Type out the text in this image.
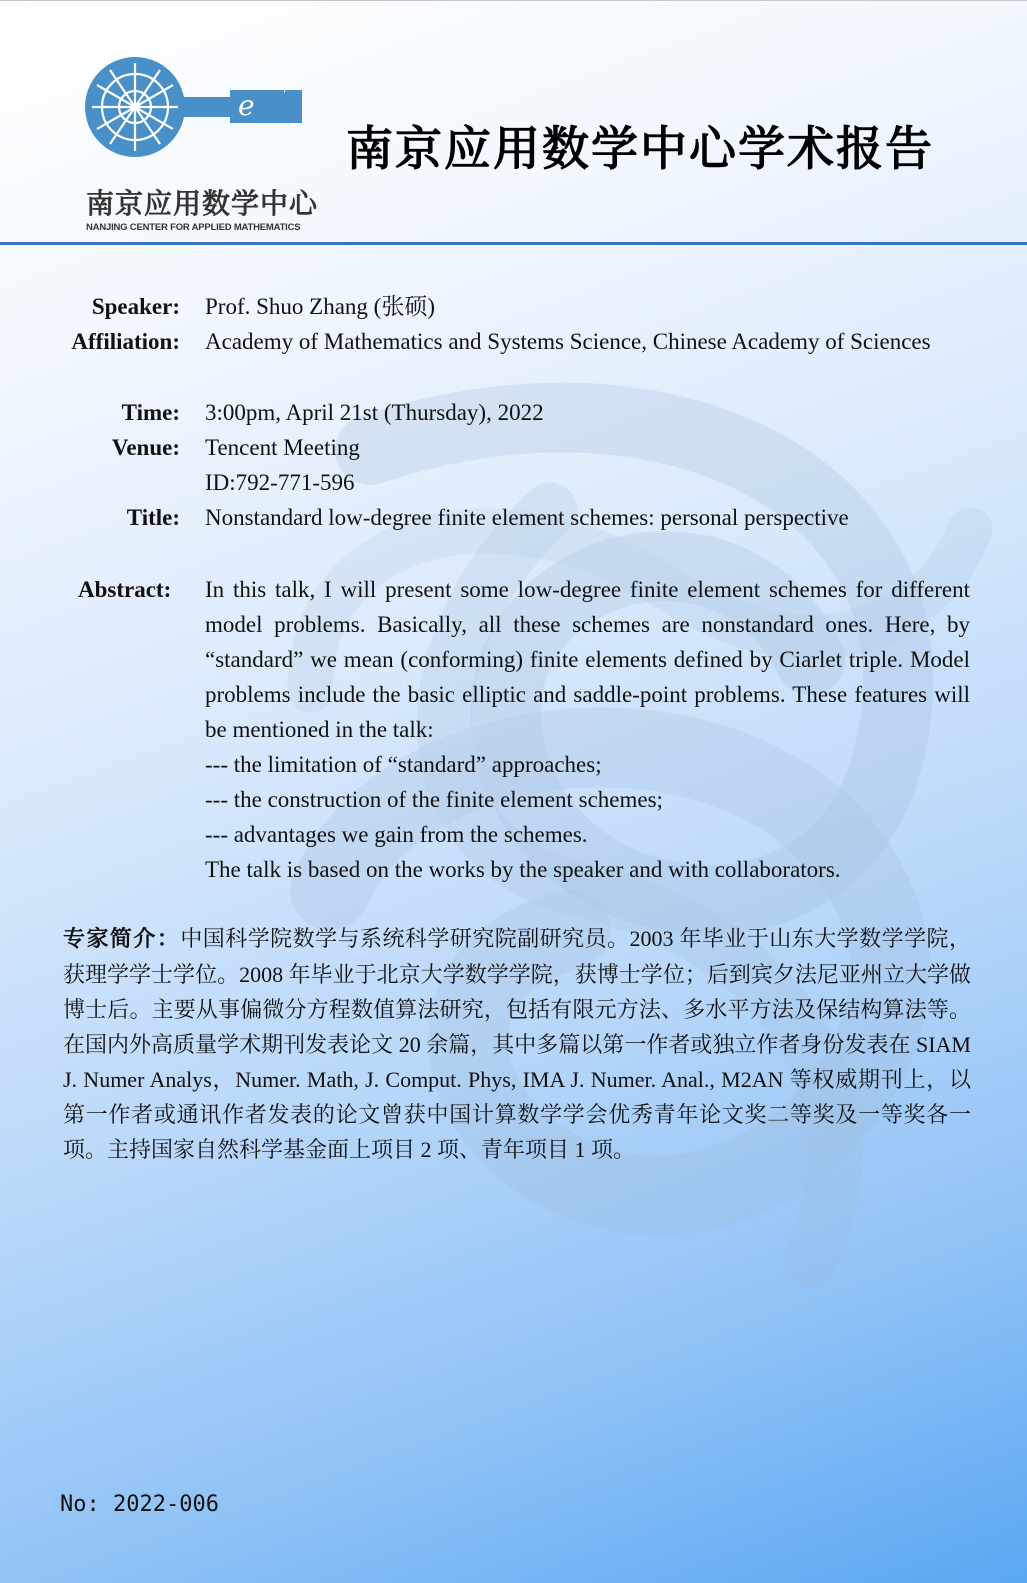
e
2πix·p
南京应用数学中心
NANJING CENTER FOR APPLIED MATHEMATICS
南京应用数学中心学术报告
Speaker: Prof. Shuo Zhang (张硕)
Affiliation: Academy of Mathematics and Systems Science, Chinese Academy of Sciences
Time: 3:00pm, April 21st (Thursday), 2022
Venue: Tencent Meeting
ID:792-771-596
Title: Nonstandard low-degree finite element schemes: personal perspective
Abstract: In this talk, I will present some low-degree finite element schemes for different model problems. Basically, all these schemes are nonstandard ones. Here, by “standard” we mean (conforming) finite elements defined by Ciarlet triple. Model problems include the basic elliptic and saddle-point problems. These features will be mentioned in the talk:

--- the limitation of “standard” approaches;

--- the construction of the finite element schemes;

--- advantages we gain from the schemes.

The talk is based on the works by the speaker and with collaborators.

专家简介：中国科学院数学与系统科学研究院副研究员。2003 年毕业于山东大学数学学院，获理学学士学位。2008 年毕业于北京大学数学学院，获博士学位；后到宾夕法尼亚州立大学做博士后。主要从事偏微分方程数值算法研究，包括有限元方法、多水平方法及保结构算法等。在国内外高质量学术期刊发表论文 20 余篇，其中多篇以第一作者或独立作者身份发表在 SIAM J. Numer Analys，Numer. Math, J. Comput. Phys, IMA J. Numer. Anal., M2AN 等权威期刊上，以第一作者或通讯作者发表的论文曾获中国计算数学学会优秀青年论文奖二等奖及一等奖各一项。主持国家自然科学基金面上项目 2 项、青年项目 1 项。
No: 2022-006
